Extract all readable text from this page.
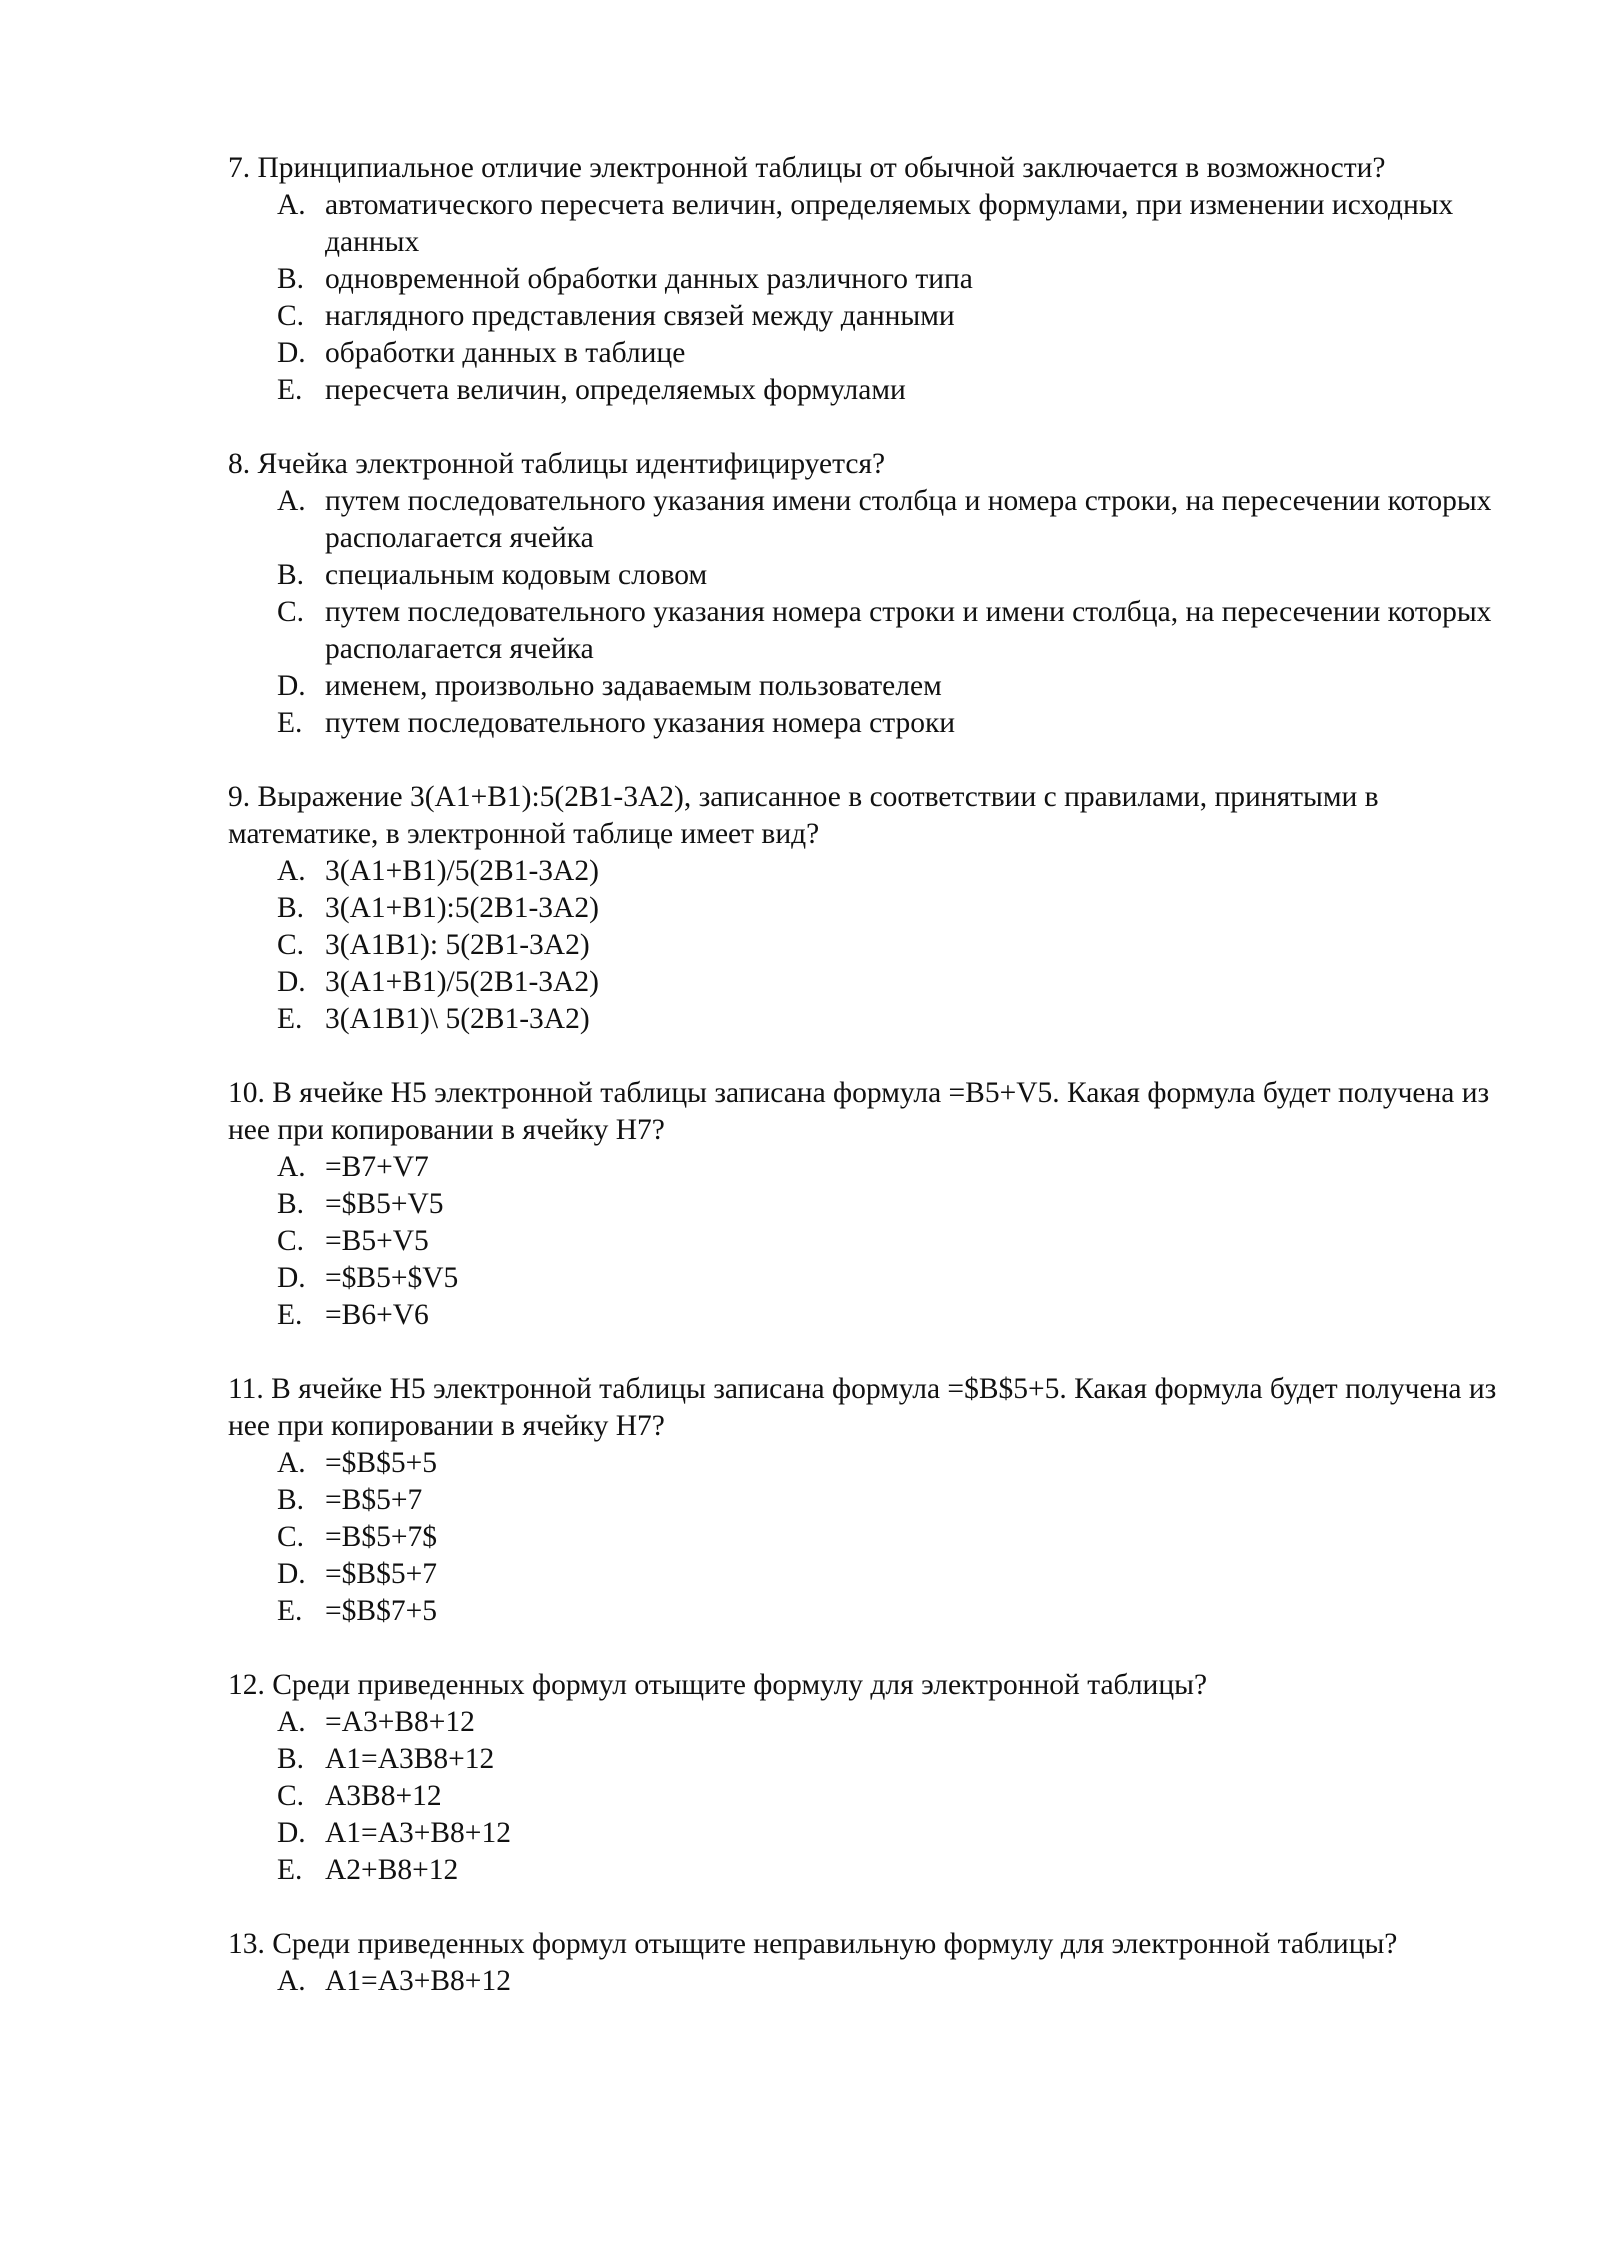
7. Принципиальное отличие электронной таблицы от обычной заключается в возможности?

A. автоматического пересчета величин, определяемых формулами, при изменении исходных данных
B. одновременной обработки данных различного типа
C. наглядного представления связей между данными
D. обработки данных в таблице
E. пересчета величин, определяемых формулами

8. Ячейка электронной таблицы идентифицируется?

A. путем последовательного указания имени столбца и номера строки, на пересечении которых располагается ячейка
B. специальным кодовым словом
C. путем последовательного указания номера строки и имени столбца, на пересечении которых располагается ячейка
D. именем, произвольно задаваемым пользователем
E. путем последовательного указания номера строки

9. Выражение 3(A1+B1):5(2B1-3A2), записанное в соответствии с правилами, принятыми в математике, в электронной таблице имеет вид?

A. 3(A1+B1)/5(2B1-3A2)
B. 3(A1+B1):5(2B1-3A2)
C. 3(A1B1): 5(2B1-3A2)
D. 3(A1+B1)/5(2B1-3A2)
E. 3(A1B1)\ 5(2B1-3A2)

10. В ячейке H5 электронной таблицы записана формула =B5+V5. Какая формула будет получена из нее при копировании в ячейку H7?

A. =B7+V7
B. =$B5+V5
C. =B5+V5
D. =$B5+$V5
E. =B6+V6

11. В ячейке H5 электронной таблицы записана формула =$B$5+5. Какая формула будет получена из нее при копировании в ячейку H7?

A. =$B$5+5
B. =B$5+7
C. =B$5+7$
D. =$B$5+7
E. =$B$7+5

12. Среди приведенных формул отыщите формулу для электронной таблицы?

A. =A3+B8+12
B. A1=A3B8+12
C. A3B8+12
D. A1=A3+B8+12
E. A2+B8+12

13. Среди приведенных формул отыщите неправильную формулу для электронной таблицы?

A. A1=A3+B8+12
